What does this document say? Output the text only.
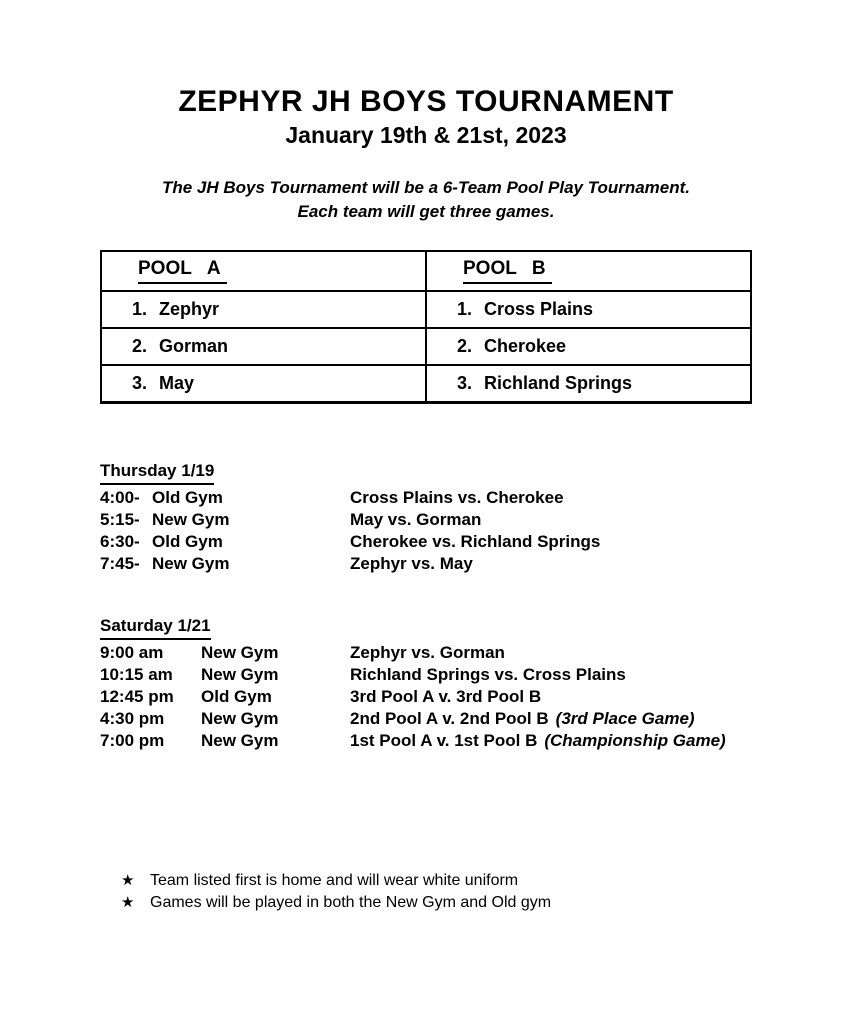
ZEPHYR JH BOYS TOURNAMENT
January 19th & 21st, 2023
The JH Boys Tournament will be a 6-Team Pool Play Tournament.
Each team will get three games.
POOL A	POOL B
1. Zephyr	1. Cross Plains
2. Gorman	2. Cherokee
3. May	3. Richland Springs
Thursday 1/19
4:00- Old Gym	Cross Plains vs. Cherokee
5:15- New Gym	May vs. Gorman
6:30- Old Gym	Cherokee vs. Richland Springs
7:45- New Gym	Zephyr vs. May
Saturday 1/21
9:00 am	New Gym	Zephyr vs. Gorman
10:15 am	New Gym	Richland Springs vs. Cross Plains
12:45 pm	Old Gym	3rd Pool A v. 3rd Pool B
4:30 pm	New Gym	2nd Pool A v. 2nd Pool B (3rd Place Game)
7:00 pm	New Gym	1st Pool A v. 1st Pool B (Championship Game)
★ Team listed first is home and will wear white uniform
★ Games will be played in both the New Gym and Old gym
